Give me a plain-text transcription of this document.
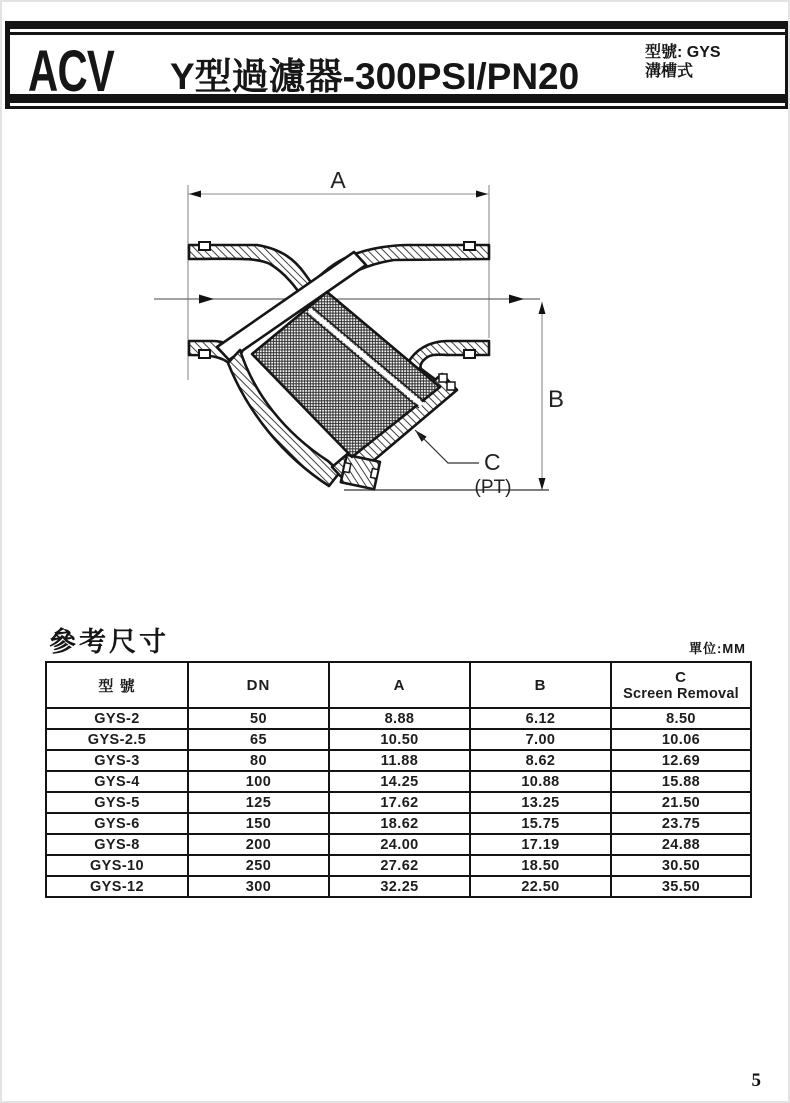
ACV Y型過濾器-300PSI/PN20
型號: GYS
溝槽式
A
B
C
(PT)
參考尺寸	單位:MM
型 號	DN	A	B	C
Screen Removal

GYS-2	50	8.88	6.12	8.50
GYS-2.5	65	10.50	7.00	10.06
GYS-3	80	11.88	8.62	12.69
GYS-4	100	14.25	10.88	15.88
GYS-5	125	17.62	13.25	21.50
GYS-6	150	18.62	15.75	23.75
GYS-8	200	24.00	17.19	24.88
GYS-10	250	27.62	18.50	30.50
GYS-12	300	32.25	22.50	35.50
5
